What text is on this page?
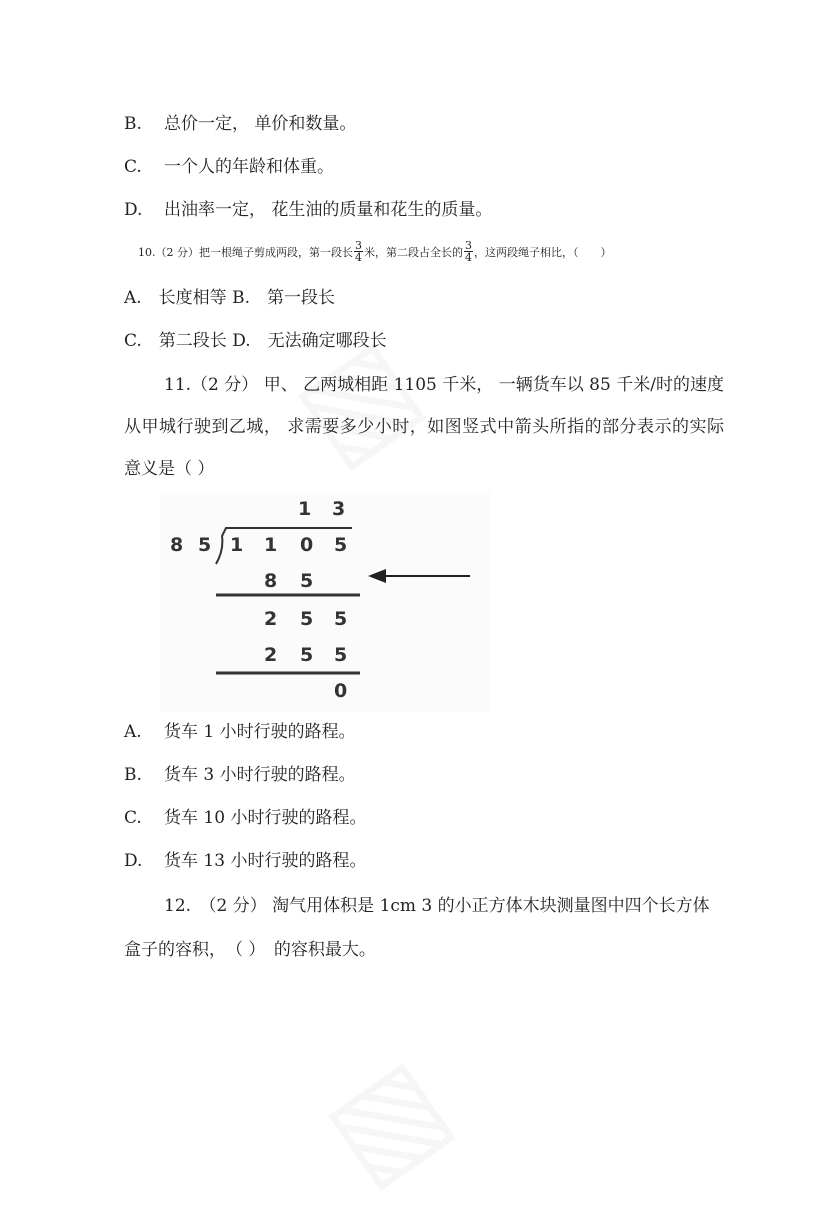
B. 总价一定， 单价和数量。
C. 一个人的年龄和体重。
D. 出油率一定， 花生油的质量和花生的质量。
10.（2 分）把一根绳子剪成两段，第一段长 $\frac{3}{4}$ 米，第二段占全长的 $\frac{3}{4}$ ，这两段绳子相比，（　　）
A.　长度相等 B.　第一段长
C.　第二段长 D.　无法确定哪段长
11.（2 分） 甲、 乙两城相距 1105 千米， 一辆货车以 85 千米/时的速度从甲城行驶到乙城， 求需要多少小时，如图竖式中箭头所指的部分表示的实际意义是（ ）
1 3
8 5 1 1 0 5
8 5
2 5 5
2 5 5
0
A. 货车 1 小时行驶的路程。
B. 货车 3 小时行驶的路程。
C. 货车 10 小时行驶的路程。
D. 货车 13 小时行驶的路程。
12.　（2 分） 淘气用体积是 1cm 3 的小正方体木块测量图中四个长方体盒子的容积，　（ ）　的容积最大。
